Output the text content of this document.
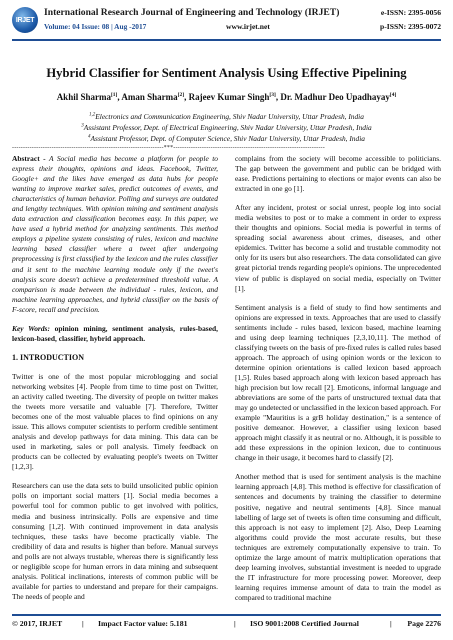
IRJET
International Research Journal of Engineering and Technology (IRJET)	e-ISSN: 2395-0056
Volume: 04 Issue: 08 | Aug -2017	www.irjet.net	p-ISSN: 2395-0072
Hybrid Classifier for Sentiment Analysis Using Effective Pipelining
Akhil Sharma[1], Aman Sharma[2], Rajeev Kumar Singh[3], Dr. Madhur Deo Upadhayay[4]
$^{1,2}$Electronics and Communication Engineering, Shiv Nadar University, Uttar Pradesh, India
$^3$Assistant Professor, Dept. of Electrical Engineering, Shiv Nadar University, Uttar Pradesh, India
$^4$Assistant Professor, Dept. of Computer Science, Shiv Nadar University, Uttar Pradesh, India
---------------------------------------------------------------------***---------------------------------------------------------------------

Abstract - A Social media has become a platform for people to express their thoughts, opinions and ideas. Facebook, Twitter, Google+ and the likes have emerged as data hubs for people wanting to improve market sales, predict outcomes of events, and characteristics of human behavior. Polling and surveys are outdated and lengthy techniques. With opinion mining and sentiment analysis data extraction and classification becomes easy. In this paper, we have used a hybrid method for analyzing sentiments. This method employs a pipeline system consisting of rules, lexicon and machine learning based classifier where a tweet after undergoing preprocessing is first classified by the lexicon and the rules classifier and it sent to the machine learning module only if the tweet's analysis score doesn't achieve a predetermined threshold value. A comparison is made between the individual - rules, lexicon, and machine learning approaches, and hybrid classifier on the basis of F-score, recall and precision.

Key Words: opinion mining, sentiment analysis, rules-based, lexicon-based, classifier, hybrid approach.

1. INTRODUCTION

Twitter is one of the most popular microblogging and social networking websites [4]. People from time to time post on Twitter, an activity called tweeting. The diversity of people on twitter makes the tweets more versatile and valuable [7]. Therefore, Twitter becomes one of the most valuable places to find opinions on any issue. This allows computer scientists to perform credible sentiment analysis and develop pathways for data mining. This data can be used in marketing, sales or poll analysis. Timely feedback on products can be collected by evaluating people's tweets on Twitter [1,2,3].

Researchers can use the data sets to build unsolicited public opinion polls on important social matters [1]. Social media becomes a powerful tool for common public to get involved with politics, media and business intrinsically. Polls are expensive and time consuming [1,2]. With continued improvement in data analysis techniques, these tasks have become practically viable. The credibility of data and results is higher than before. Manual surveys and polls are not always trustable, whereas there is significantly less or negligible scope for human errors in data mining and subsequent analysis. Political inclinations, interests of common public will be available for parties to understand and prepare for their campaigns. The needs of people and

complains from the society will become accessible to politicians. The gap between the government and public can be bridged with ease. Predictions pertaining to elections or major events can also be extracted in one go [1].

After any incident, protest or social unrest, people log into social media websites to post or to make a comment in order to express their thoughts and opinions. Social media is powerful in terms of spreading social awareness about crimes, diseases, and other epidemics. Twitter has become a solid and trustable commodity not only for its users but also researchers. The data consolidated can give great pictorial trends regarding people's opinions. The unprecedented view of public is displayed on social media, especially on Twitter [1].

Sentiment analysis is a field of study to find how sentiments and opinions are expressed in texts. Approaches that are used to classify sentiments include - rules based, lexicon based, machine learning and using deep learning techniques [2,3,10,11]. The method of classifying tweets on the basis of pre-fixed rules is called rules based approach. The approach of using opinion words or the lexicon to determine opinion orientations is called lexicon based approach [1,5]. Rules based approach along with lexicon based approach has high precision but low recall [2]. Emoticons, informal language and abbreviations are some of the parts of unstructured textual data that may go undetected or unclassified in the lexicon based approach. For example "Mauritius is a grB holiday destination," is a sentence of positive demeanor. However, a classifier using lexicon based approach might classify it as neutral or no. Although, it is possible to add these expressions in the opinion lexicon, due to continuous change in their usage, it becomes hard to classify [2].

Another method that is used for sentiment analysis is the machine learning approach [4,8]. This method is effective for classification of sentences and documents by training the classifier to determine positive, negative and neutral sentiments [4,8]. Since manual labelling of large set of tweets is often time consuming and difficult, this approach is not easy to implement [2]. Also, Deep Learning algorithms could provide the most accurate results, but these techniques are extremely computationally expensive to train. To optimize the large amount of matrix multiplication operations that deep learning involves, substantial investment is needed to upgrade the IT infrastructure for more processing power. Moreover, deep learning requires immense amount of data to train the model as compared to traditional machine

© 2017, IRJET	| Impact Factor value: 5.181	| ISO 9001:2008 Certified Journal	| Page 2276
